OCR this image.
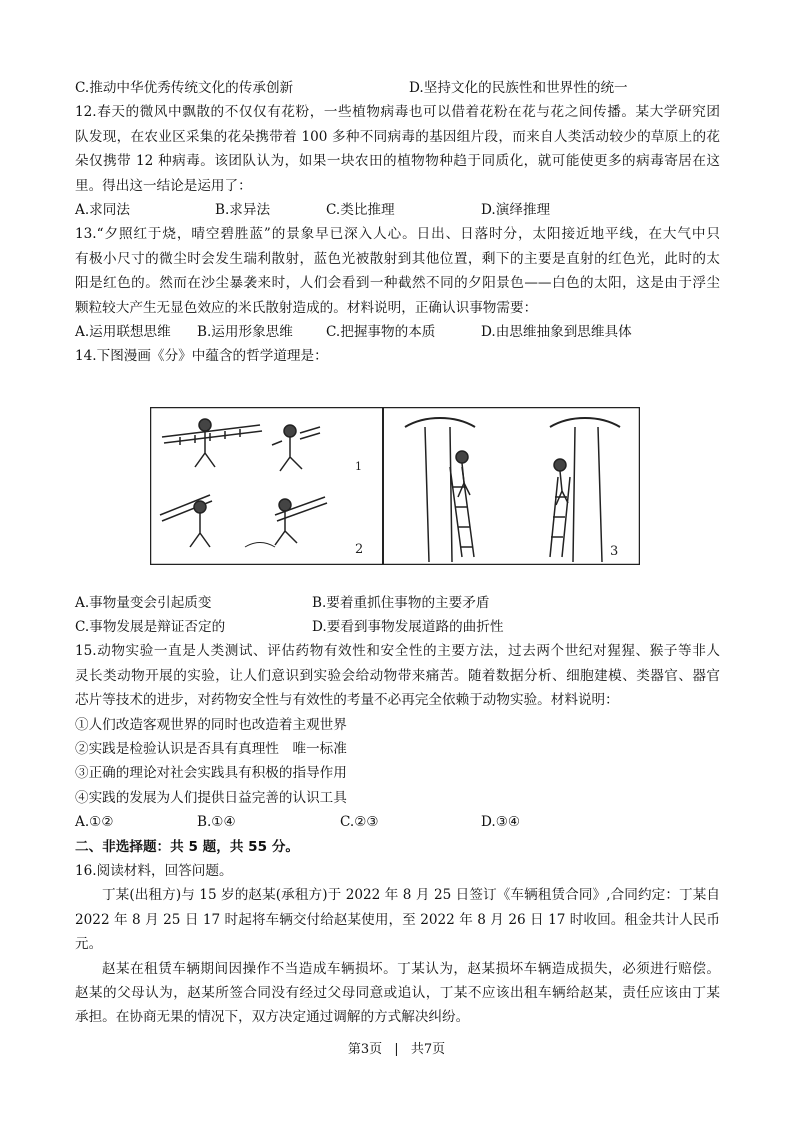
C.推动中华优秀传统文化的传承创新	D.坚持文化的民族性和世界性的统一
12.春天的微风中飘散的不仅仅有花粉，一些植物病毒也可以借着花粉在花与花之间传播。某大学研究团
队发现，在农业区采集的花朵携带着 100 多种不同病毒的基因组片段，而来自人类活动较少的草原上的花
朵仅携带 12 种病毒。该团队认为，如果一块农田的植物物种趋于同质化，就可能使更多的病毒寄居在这
里。得出这一结论是运用了：
A.求同法	B.求异法	C.类比推理	D.演绎推理
13.“夕照红于烧，晴空碧胜蓝”的景象早已深入人心。日出、日落时分，太阳接近地平线，在大气中只
有极小尺寸的微尘时会发生瑞利散射，蓝色光被散射到其他位置，剩下的主要是直射的红色光，此时的太
阳是红色的。然而在沙尘暴袭来时，人们会看到一种截然不同的夕阳景色——白色的太阳，这是由于浮尘
颗粒较大产生无显色效应的米氏散射造成的。材料说明，正确认识事物需要：
A.运用联想思维 B.运用形象思维 C.把握事物的本质	D.由思维抽象到思维具体
14.下图漫画《分》中蕴含的哲学道理是：
A.事物量变会引起质变	B.要着重抓住事物的主要矛盾
C.事物发展是辩证否定的	D.要看到事物发展道路的曲折性
15.动物实验一直是人类测试、评估药物有效性和安全性的主要方法，过去两个世纪对猩猩、猴子等非人
灵长类动物开展的实验，让人们意识到实验会给动物带来痛苦。随着数据分析、细胞建模、类器官、器官
芯片等技术的进步，对药物安全性与有效性的考量不必再完全依赖于动物实验。材料说明：
①人们改造客观世界的同时也改造着主观世界
②实践是检验认识是否具有真理性　唯一标准
③正确的理论对社会实践具有积极的指导作用
④实践的发展为人们提供日益完善的认识工具
A.①②	B.①④	C.②③	D.③④
二、非选择题：共 5 题，共 55 分。
16.阅读材料，回答问题。
丁某(出租方)与 15 岁的赵某(承租方)于 2022 年 8 月 25 日签订《车辆租赁合同》,合同约定：丁某自
2022 年 8 月 25 日 17 时起将车辆交付给赵某使用，至 2022 年 8 月 26 日 17 时收回。租金共计人民币
元。
赵某在租赁车辆期间因操作不当造成车辆损坏。丁某认为，赵某损坏车辆造成损失，必须进行赔偿。
赵某的父母认为，赵某所签合同没有经过父母同意或追认，丁某不应该出租车辆给赵某，责任应该由丁某
承担。在协商无果的情况下，双方决定通过调解的方式解决纠纷。
1
2	3
第3页 | 共7页
